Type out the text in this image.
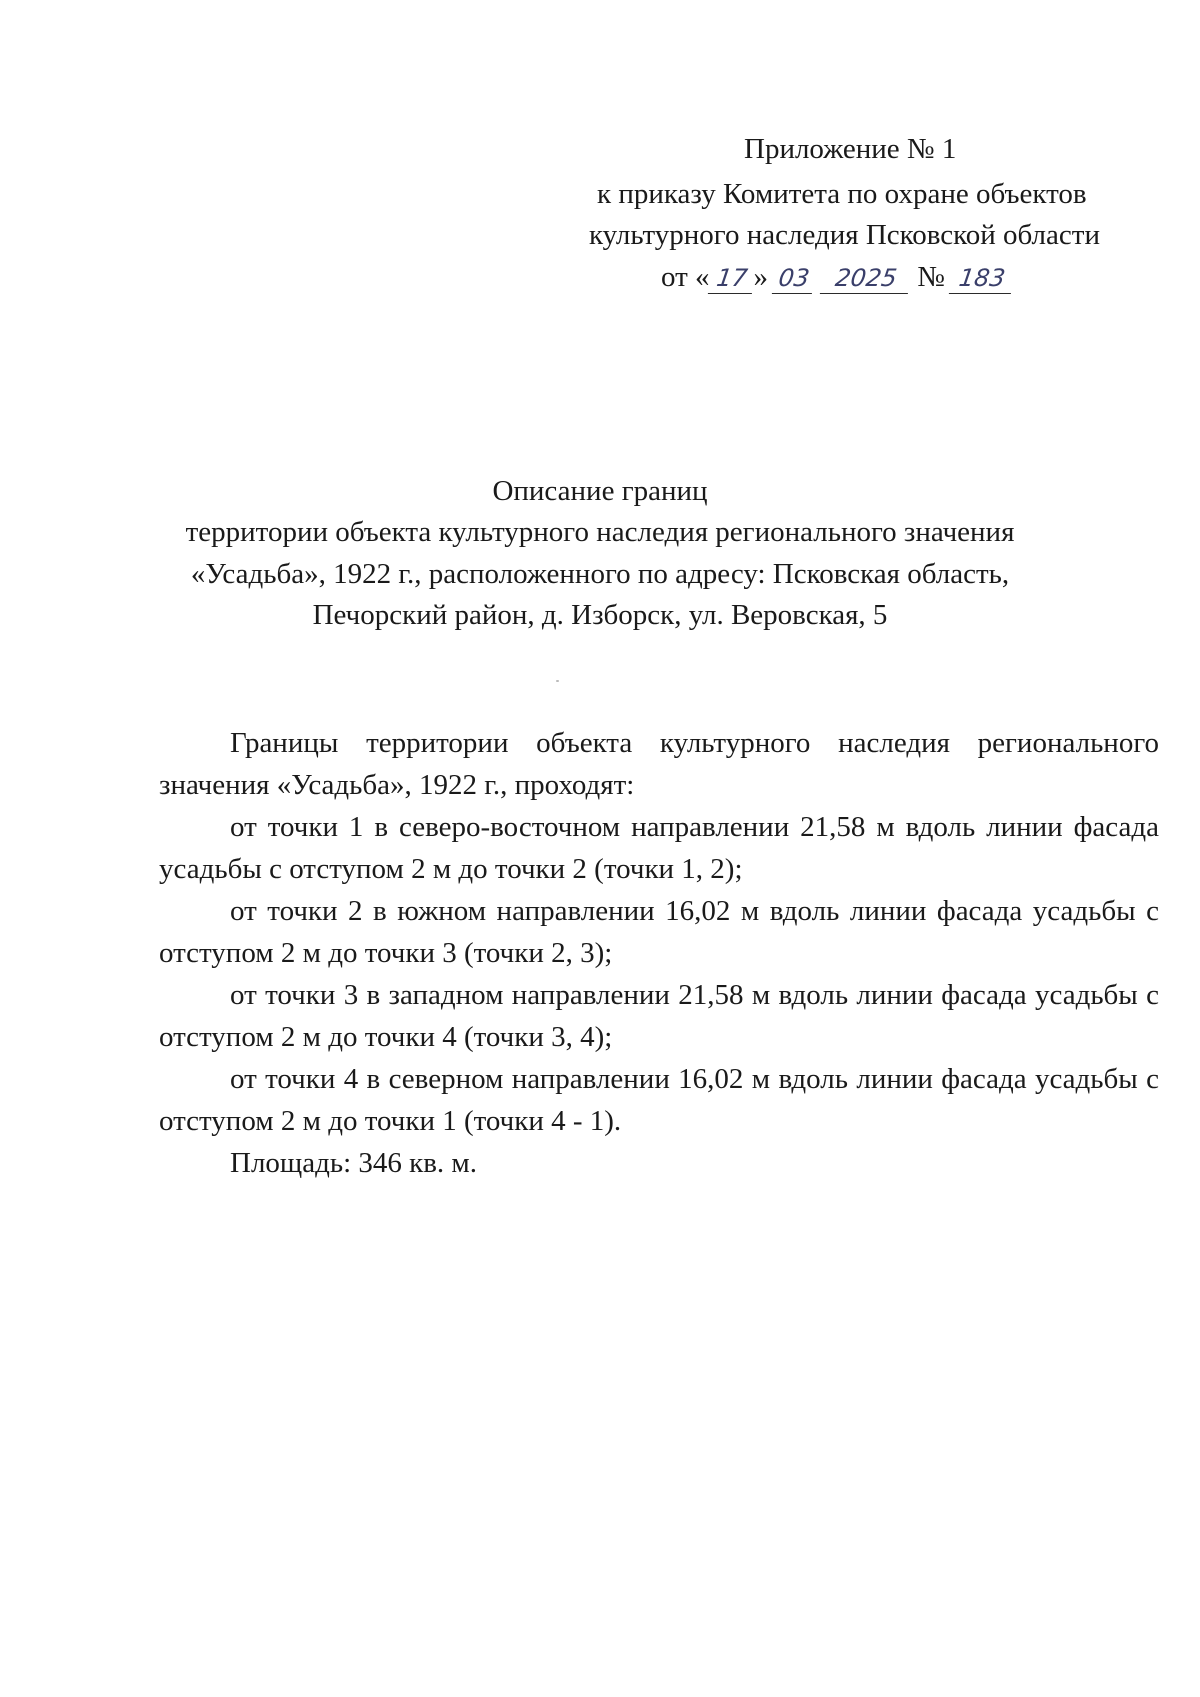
Приложение № 1
к приказу Комитета по охране объектов
культурного наследия Псковской области
от « 17 » 03 2025 № 183
Описание границ
территории объекта культурного наследия регионального значения
«Усадьба», 1922 г., расположенного по адресу: Псковская область,
Печорский район, д. Изборск, ул. Веровская, 5

Границы территории объекта культурного наследия регионального значения «Усадьба», 1922 г., проходят:

от точки 1 в северо-восточном направлении 21,58 м вдоль линии фасада усадьбы с отступом 2 м до точки 2 (точки 1, 2);

от точки 2 в южном направлении 16,02 м вдоль линии фасада усадьбы с отступом 2 м до точки 3 (точки 2, 3);

от точки 3 в западном направлении 21,58 м вдоль линии фасада усадьбы с отступом 2 м до точки 4 (точки 3, 4);

от точки 4 в северном направлении 16,02 м вдоль линии фасада усадьбы с отступом 2 м до точки 1 (точки 4 - 1).

Площадь: 346 кв. м.
